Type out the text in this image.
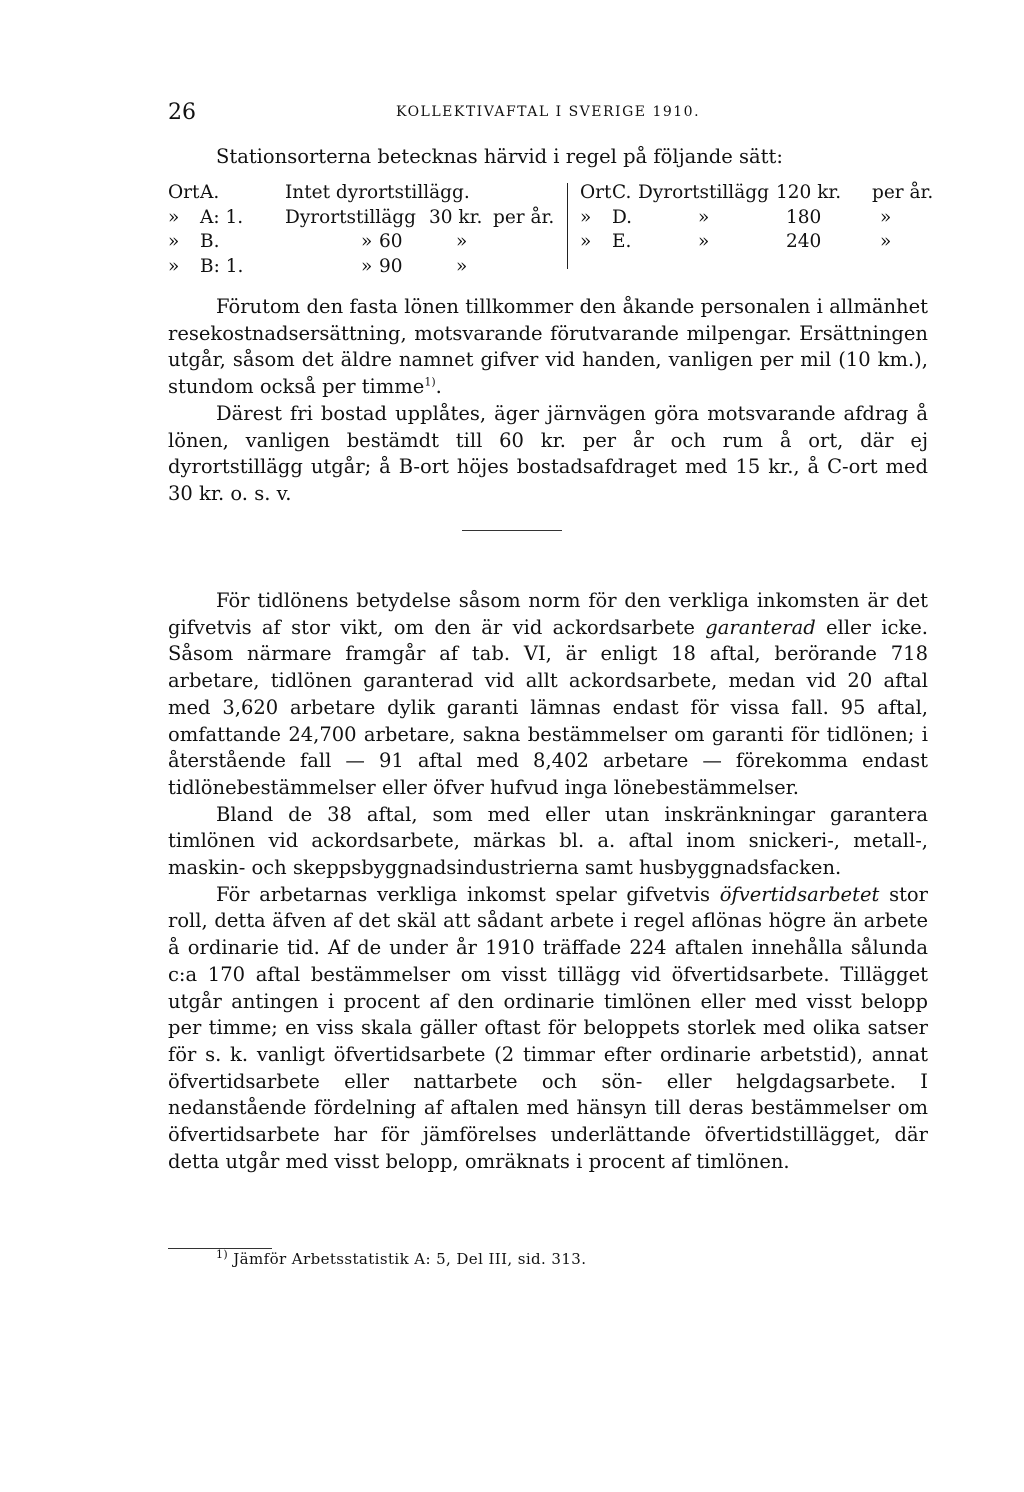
26	KOLLEKTIVAFTAL I SVERIGE 1910.

Stationsorterna betecknas härvid i regel på följande sätt:

Ort A.	Intet dyrortstillägg.
» A: 1. Dyrortstillägg 30 kr. per år.
» B.	» 60	»
» B: 1.	» 90	»
Ort C. Dyrortstillägg 120 kr. per år.
» D.	»	180	»
» E.	»	240	»

Förutom den fasta lönen tillkommer den åkande personalen i allmänhet resekostnadsersättning, motsvarande förutvarande milpengar. Ersättningen utgår, såsom det äldre namnet gifver vid handen, vanligen per mil (10 km.), stundom också per timme$^{1)}$.

Därest fri bostad upplåtes, äger järnvägen göra motsvarande afdrag å lönen, vanligen bestämdt till 60 kr. per år och rum å ort, där ej dyrortstillägg utgår; å B-ort höjes bostadsafdraget med 15 kr., å C-ort med 30 kr. o. s. v.

För tidlönens betydelse såsom norm för den verkliga inkomsten är det gifvetvis af stor vikt, om den är vid ackordsarbete garanterad eller icke. Såsom närmare framgår af tab. VI, är enligt 18 aftal, berörande 718 arbetare, tidlönen garanterad vid allt ackordsarbete, medan vid 20 aftal med 3,620 arbetare dylik garanti lämnas endast för vissa fall. 95 aftal, omfattande 24,700 arbetare, sakna bestämmelser om garanti för tidlönen; i återstående fall — 91 aftal med 8,402 arbetare — förekomma endast tidlönebestämmelser eller öfver hufvud inga lönebestämmelser.

Bland de 38 aftal, som med eller utan inskränkningar garantera timlönen vid ackordsarbete, märkas bl. a. aftal inom snickeri-, metall-, maskin- och skeppsbyggnadsindustrierna samt husbyggnadsfacken.

För arbetarnas verkliga inkomst spelar gifvetvis öfvertidsarbetet stor roll, detta äfven af det skäl att sådant arbete i regel aflönas högre än arbete å ordinarie tid. Af de under år 1910 träffade 224 aftalen innehålla sålunda c:a 170 aftal bestämmelser om visst tillägg vid öfvertidsarbete. Tillägget utgår antingen i procent af den ordinarie timlönen eller med visst belopp per timme; en viss skala gäller oftast för beloppets storlek med olika satser för s. k. vanligt öfvertidsarbete (2 timmar efter ordinarie arbetstid), annat öfvertidsarbete eller nattarbete och sön- eller helgdagsarbete. I nedanstående fördelning af aftalen med hänsyn till deras bestämmelser om öfvertidsarbete har för jämförelses underlättande öfvertidstillägget, där detta utgår med visst belopp, omräknats i procent af timlönen.

$^{1)}$ Jämför Arbetsstatistik A: 5, Del III, sid. 313.
